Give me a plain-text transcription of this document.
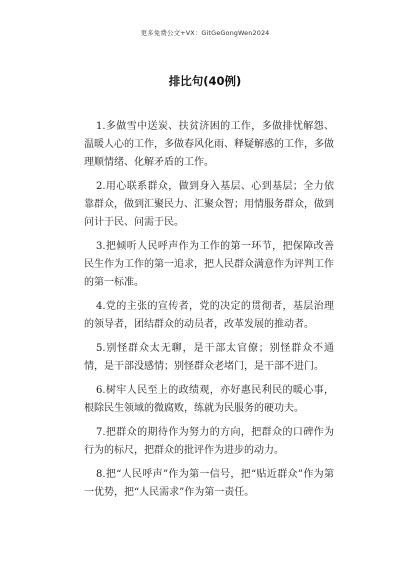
更多免费公文+VX：GitGeGongWen2024
排比句(40例)

1.多做雪中送炭、扶贫济困的工作，多做排忧解怨、温暖人心的工作，多做春风化雨、释疑解惑的工作，多做理顺情绪、化解矛盾的工作。

2.用心联系群众，做到身入基层、心到基层；全力依靠群众，做到汇聚民力、汇聚众智；用情服务群众，做到问计于民、问需于民。

3.把倾听人民呼声作为工作的第一环节，把保障改善民生作为工作的第一追求，把人民群众满意作为评判工作的第一标准。

4.党的主张的宣传者，党的决定的贯彻者，基层治理的领导者，团结群众的动员者，改革发展的推动者。

5.别怪群众太无聊，是干部太官僚；别怪群众不通情，是干部没感情；别怪群众老堵门，是干部不进门。

6.树牢人民至上的政绩观，亦好惠民利民的暖心事，根除民生领域的微腐败，练就为民服务的硬功夫。

7.把群众的期待作为努力的方向，把群众的口碑作为行为的标尺，把群众的批评作为进步的动力。

8.把“人民呼声”作为第一信号，把“贴近群众”作为第一优势，把“人民需求”作为第一责任。
